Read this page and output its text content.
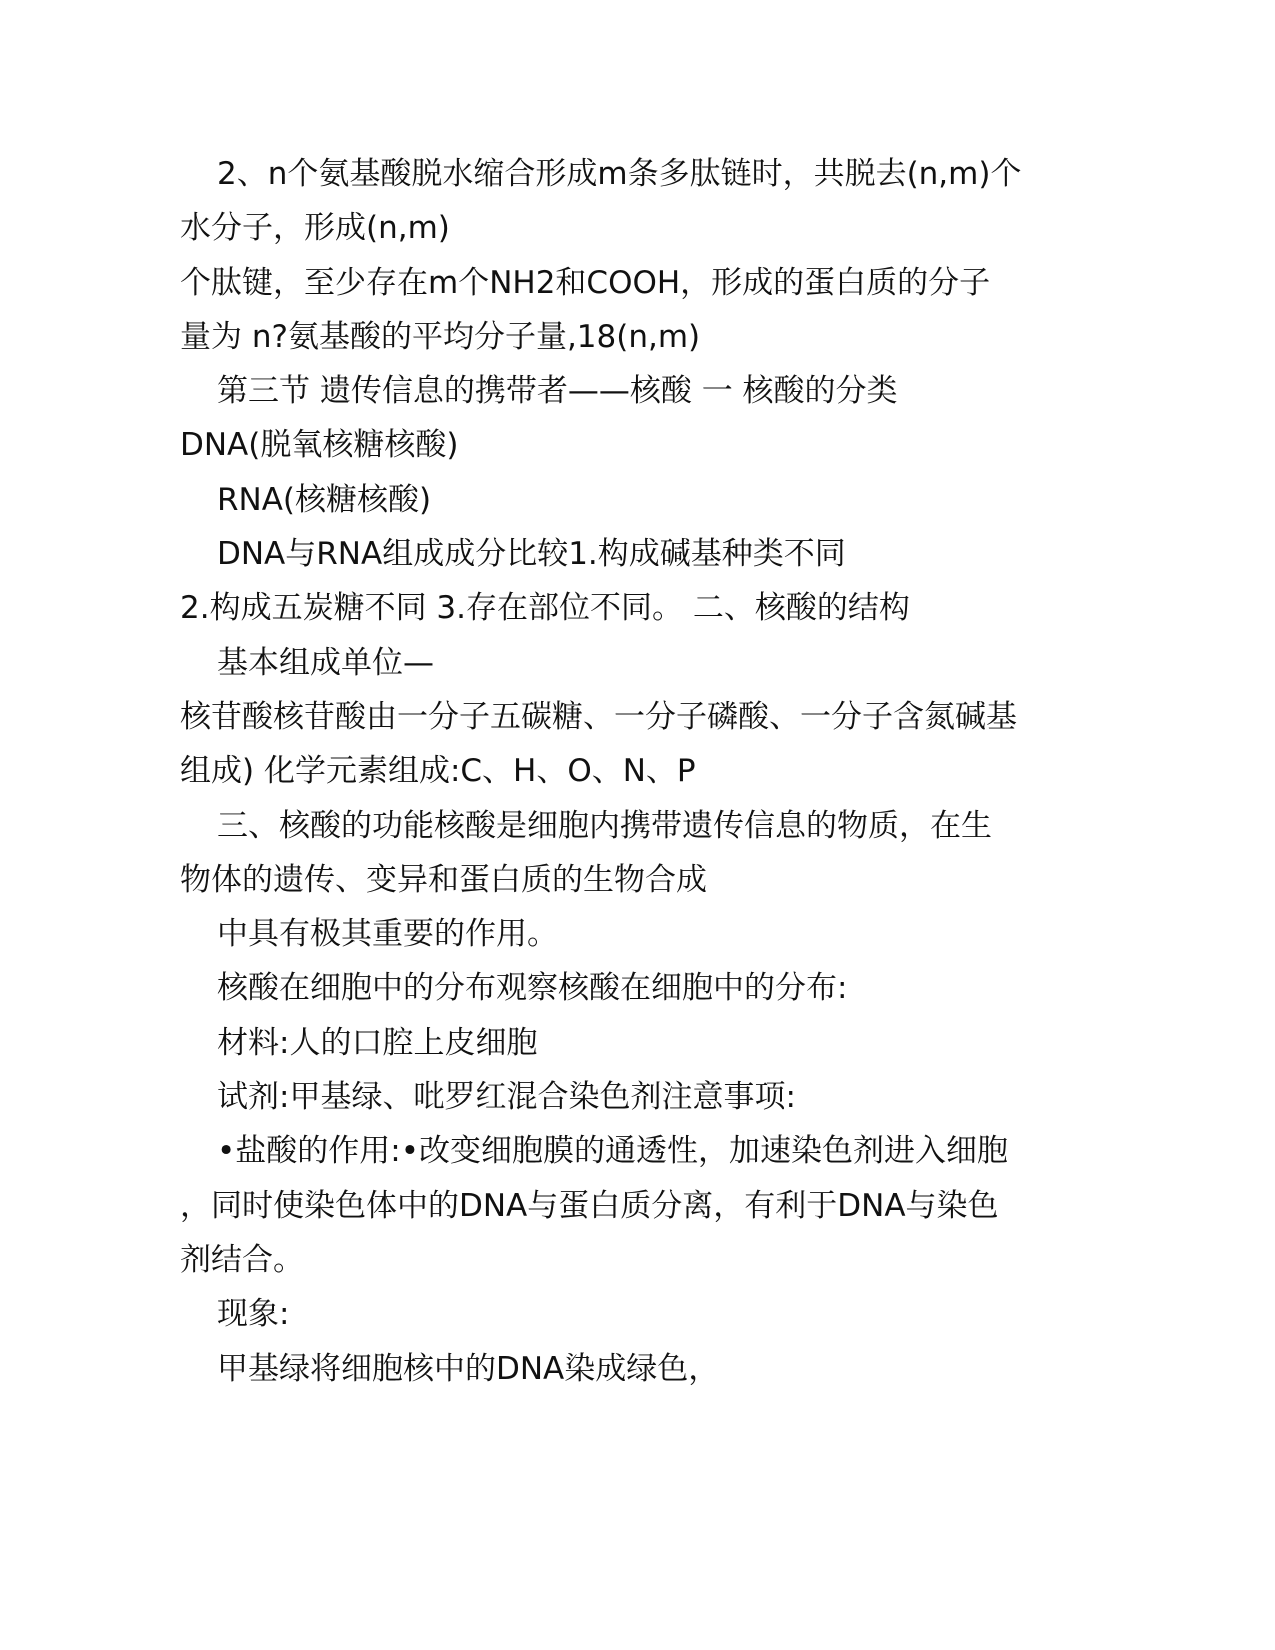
2、n个氨基酸脱水缩合形成m条多肽链时，共脱去(n,m)个
水分子，形成(n,m)
个肽键，至少存在m个NH2和COOH，形成的蛋白质的分子
量为 n?氨基酸的平均分子量,18(n,m)
第三节 遗传信息的携带者——核酸 一 核酸的分类
DNA(脱氧核糖核酸)
RNA(核糖核酸)
DNA与RNA组成成分比较1.构成碱基种类不同
2.构成五炭糖不同 3.存在部位不同。 二、核酸的结构
基本组成单位—
核苷酸核苷酸由一分子五碳糖、一分子磷酸、一分子含氮碱基
组成) 化学元素组成:C、H、O、N、P
三、核酸的功能核酸是细胞内携带遗传信息的物质，在生
物体的遗传、变异和蛋白质的生物合成
中具有极其重要的作用。
核酸在细胞中的分布观察核酸在细胞中的分布:
材料:人的口腔上皮细胞
试剂:甲基绿、吡罗红混合染色剂注意事项:
•盐酸的作用:•改变细胞膜的通透性，加速染色剂进入细胞
，同时使染色体中的DNA与蛋白质分离，有利于DNA与染色
剂结合。
现象:
甲基绿将细胞核中的DNA染成绿色，
